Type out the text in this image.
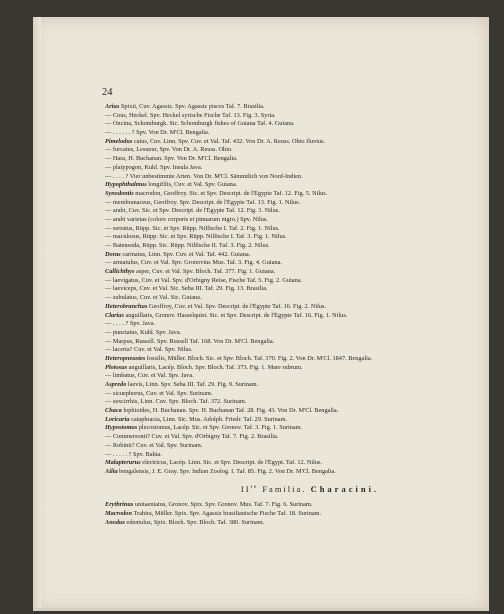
24
Arius Spixii, Cuv. Agassiz. Spv. Agassiz pisces Taf. 7. Brasilia.
— Cous, Heckel. Spv. Heckel syrische Fische Taf. 13. Fig. 3. Syria.
— Oncina, Schomburgk. Sic. Schomburgk fishes of Guiana Taf. 4. Guiana.
— . . . . . . ? Spv. Von Dr. M'Cl. Bengalia.
Pimelodus catus, Cuv. Linn. Spv. Cuv. et Val. Taf. 432. Von Dr. A. Reuss. Ohio fluvius.
— furcatus, Lesueur, Spv. Von Dr. A. Reuss. Ohio.
— Hara, H. Buchanan. Spv. Von Dr. M'Cl. Bengalia.
— platypogon, Kuhl. Spv. Insula Java.
— . . . . ? Vier unbestimmte Arten. Von Dr. M'Cl. Sämmtlich von Nord-Indien.
Hypophthalmus longifilis, Cuv. et Val. Spv. Guiana.
Synodontis macrodon, Geoffroy. Sic. et Spv. Descript. de l'Égypte Taf. 12. Fig. 5. Nilus.
— membranaceus, Geoffroy. Spv. Descript. de l'Égypte Taf. 13. Fig. 1. Nilus.
— arabi, Cuv. Sic. et Spv. Descript. de l'Égypte Taf. 12. Fig. 3. Nilus.
— arabi varietas (colore corporis et pinnarum nigro.) Spv. Nilus.
— serratus, Rüpp. Sic. et Spv. Rüpp. Nilfische I. Taf. 2. Fig. 1. Nilus.
— maculosus, Rüpp. Sic. et Spv. Rüpp. Nilfische I. Taf. 3. Fig. 1. Nilus.
— Batensoda, Rüpp. Sic. Rüpp. Nilfische II. Taf. 3. Fig. 2. Nilus.
Doras carinatus, Linn. Spv. Cuv. et Val. Taf. 442. Guiana.
— armatulus, Cuv. et Val. Spv. Gronovius Mus. Taf. 3. Fig. 4. Guiana.
Callichthys asper, Cuv. et Val. Spv. Bloch. Taf. 377. Fig. 1. Guiana.
— laevigatus, Cuv. et Val. Spv. d'Orbigny Reise, Fische Taf. 5. Fig. 2. Guiana.
— laeviceps, Cuv. et Val. Sic. Seba III. Taf. 29. Fig. 13. Brasilia.
— subulatus, Cuv. et Val. Sic. Guiana.
Heterobranchus Geoffroy, Cuv. et Val. Spv. Descript. de l'Égypte Taf. 16. Fig. 2. Nilus.
Clarias anguillaris, Gronov. Hasselquist. Sic. et Spv. Descript. de l'Égypte Taf. 16. Fig. 1. Nilus.
— . . . . ? Spv. Java.
— punctatus, Kuhl. Spv. Java.
— Marpus, Russell. Spv. Russell Taf. 168. Von Dr. M'Cl. Bengalia.
— lacerta? Cuv. et Val. Spv. Nilus.
Heteropneustes fossilis, Müller. Bloch. Sic. et Spv. Bloch. Taf. 370. Fig. 2. Von Dr. M'Cl. 1847. Bengalia.
Plotosus anguillaris, Lacép. Bloch. Spv. Bloch. Taf. 373. Fig. 1. Mare rubrum.
— limbatus, Cuv. et Val. Spv. Java.
Aspredo laevis, Linn. Spv. Seba III. Taf. 29. Fig. 9. Surinam.
— sicuephorus, Cuv. et Val. Spv. Surinam.
— sexcirrhis, Linn. Cuv. Spv. Bloch. Taf. 372. Surinam.
Chaca lophioides, H. Buchanan. Spv. H. Buchanan Taf. 28. Fig. 43. Von Dr. M'Cl. Bengalia.
Loricaria cataphracta, Linn. Sic. Mus. Adolph. Friedr. Taf. 29. Surinam.
Hypostomus plecostomus, Lacép. Sic. et Spv. Gronov. Taf. 3. Fig. 1. Surinam.
— Commersonii? Cuv. et Val. Spv. d'Orbigny Taf. 7. Fig. 2. Brasilia.
— Robinii? Cuv. et Val. Spv. Surinam.
— . . . . . ? Spv. Bahia.
Malapterurus electricus, Lacép. Linn. Sic. et Spv. Descript. de l'Égypt. Taf. 12. Nilus.
Ailia bengalensis, J. E. Gray. Spv. Indian Zoolog. I. Taf. 85. Fig. 2. Von Dr. M'Cl. Bengalia.
$II^{te}$ Familia. Characini.
Erythrinus unitaeniatus, Gronov. Spix. Spv. Gronov. Mus. Taf. 7. Fig. 6. Surinam.
Macrodon Trahira, Müller. Spix. Spv. Agassiz brasilianische Fische Taf. 18. Surinam.
Anodus edentulus, Spix. Bloch. Spv. Bloch. Taf. 380. Surinam.
